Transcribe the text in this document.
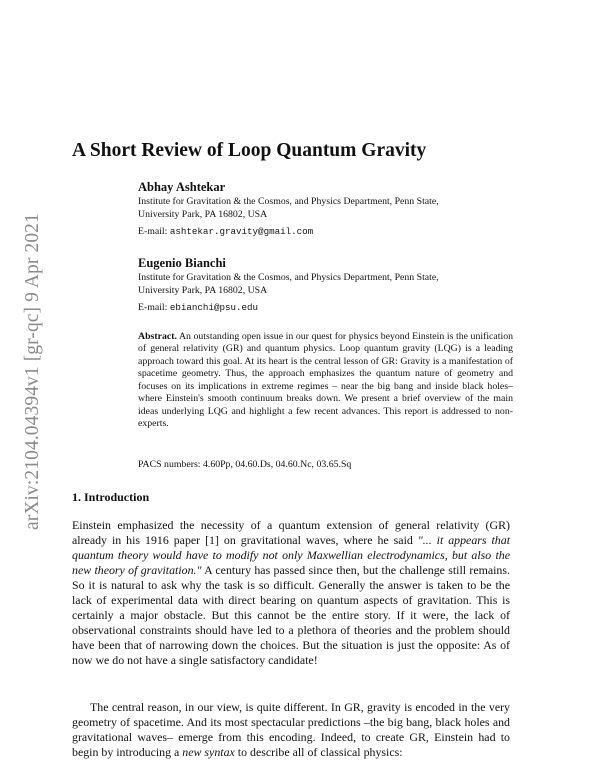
arXiv:2104.04394v1 [gr-qc] 9 Apr 2021
A Short Review of Loop Quantum Gravity
Abhay Ashtekar
Institute for Gravitation & the Cosmos, and Physics Department, Penn State,
University Park, PA 16802, USA
E-mail: ashtekar.gravity@gmail.com
Eugenio Bianchi
Institute for Gravitation & the Cosmos, and Physics Department, Penn State,
University Park, PA 16802, USA
E-mail: ebianchi@psu.edu
Abstract. An outstanding open issue in our quest for physics beyond Einstein is the unification of general relativity (GR) and quantum physics. Loop quantum gravity (LQG) is a leading approach toward this goal. At its heart is the central lesson of GR: Gravity is a manifestation of spacetime geometry. Thus, the approach emphasizes the quantum nature of geometry and focuses on its implications in extreme regimes – near the big bang and inside black holes– where Einstein's smooth continuum breaks down. We present a brief overview of the main ideas underlying LQG and highlight a few recent advances. This report is addressed to non-experts.
PACS numbers: 4.60Pp, 04.60.Ds, 04.60.Nc, 03.65.Sq
1. Introduction
Einstein emphasized the necessity of a quantum extension of general relativity (GR) already in his 1916 paper [1] on gravitational waves, where he said "... it appears that quantum theory would have to modify not only Maxwellian electrodynamics, but also the new theory of gravitation." A century has passed since then, but the challenge still remains. So it is natural to ask why the task is so difficult. Generally the answer is taken to be the lack of experimental data with direct bearing on quantum aspects of gravitation. This is certainly a major obstacle. But this cannot be the entire story. If it were, the lack of observational constraints should have led to a plethora of theories and the problem should have been that of narrowing down the choices. But the situation is just the opposite: As of now we do not have a single satisfactory candidate!
The central reason, in our view, is quite different. In GR, gravity is encoded in the very geometry of spacetime. And its most spectacular predictions –the big bang, black holes and gravitational waves– emerge from this encoding. Indeed, to create GR, Einstein had to begin by introducing a new syntax to describe all of classical physics:
